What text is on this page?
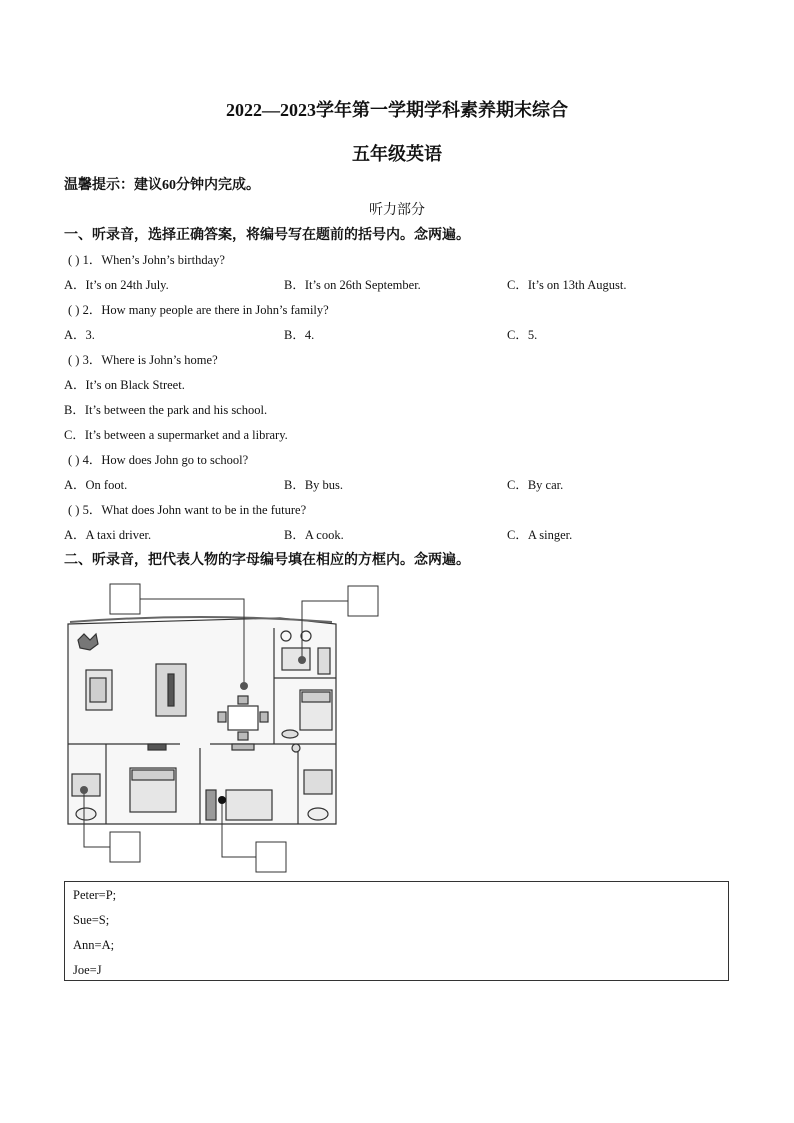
2022—2023学年第一学期学科素养期末综合
五年级英语
温馨提示：建议60分钟内完成。
听力部分
一、听录音，选择正确答案，将编号写在题前的括号内。念两遍。
( ) 1．When’s John’s birthday?
A．It’s on 24th July.	B．It’s on 26th September.	C．It’s on 13th August.
( ) 2．How many people are there in John’s family?
A．3.	B．4.	C．5.
( ) 3．Where is John’s home?
A．It’s on Black Street.
B．It’s between the park and his school.
C．It’s between a supermarket and a library.
( ) 4．How does John go to school?
A．On foot.	B．By bus.	C．By car.
( ) 5．What does John want to be in the future?
A．A taxi driver.	B．A cook.	C．A singer.
二、听录音，把代表人物的字母编号填在相应的方框内。念两遍。
Peter=P;
Sue=S;
Ann=A;
Joe=J
